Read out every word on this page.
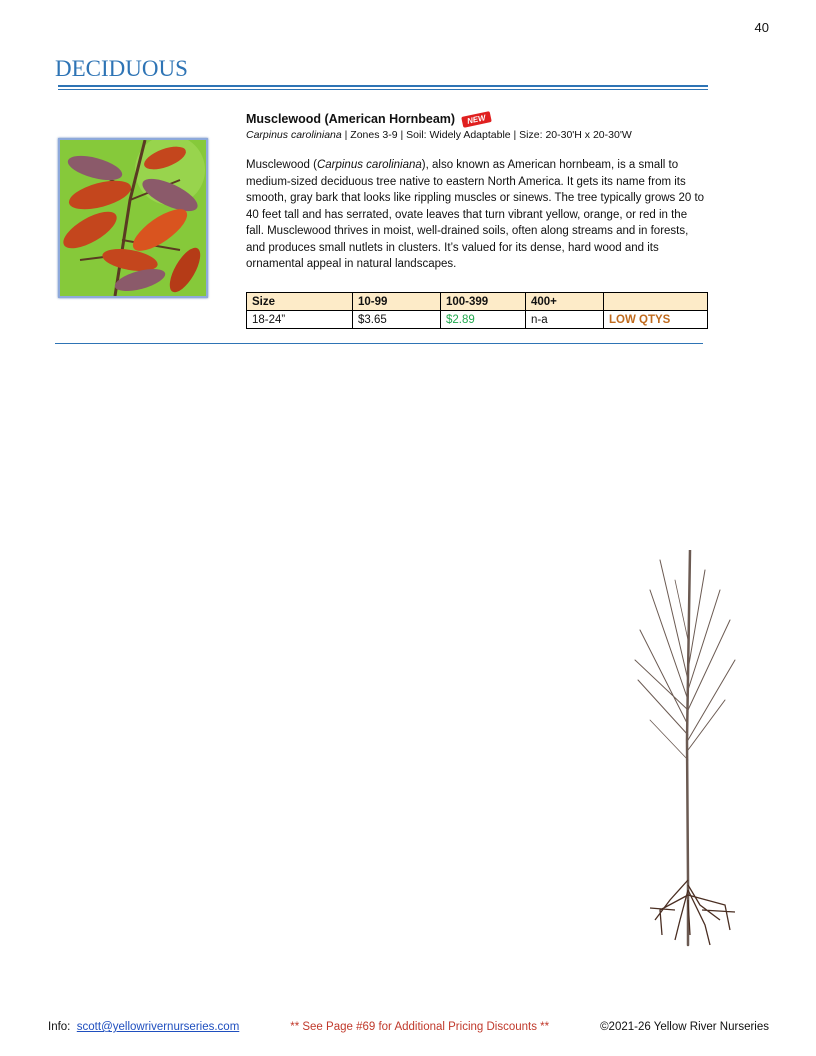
40
DECIDUOUS
Musclewood (American Hornbeam)	NEW
Carpinus caroliniana | Zones 3-9 | Soil: Widely Adaptable | Size: 20-30'H x 20-30'W
Musclewood (Carpinus caroliniana), also known as American hornbeam, is a small to medium-sized deciduous tree native to eastern North America. It gets its name from its smooth, gray bark that looks like rippling muscles or sinews. The tree typically grows 20 to 40 feet tall and has serrated, ovate leaves that turn vibrant yellow, orange, or red in the fall. Musclewood thrives in moist, well-drained soils, often along streams and in forests, and produces small nutlets in clusters. It’s valued for its dense, hard wood and its ornamental appeal in natural landscapes.
Size	10-99	100-399	400+	
18-24”	$3.65	$2.89	n-a	LOW QTYS
Info: scott@yellowrivernurseries.com	** See Page #69 for Additional Pricing Discounts **	©2021-26 Yellow River Nurseries
